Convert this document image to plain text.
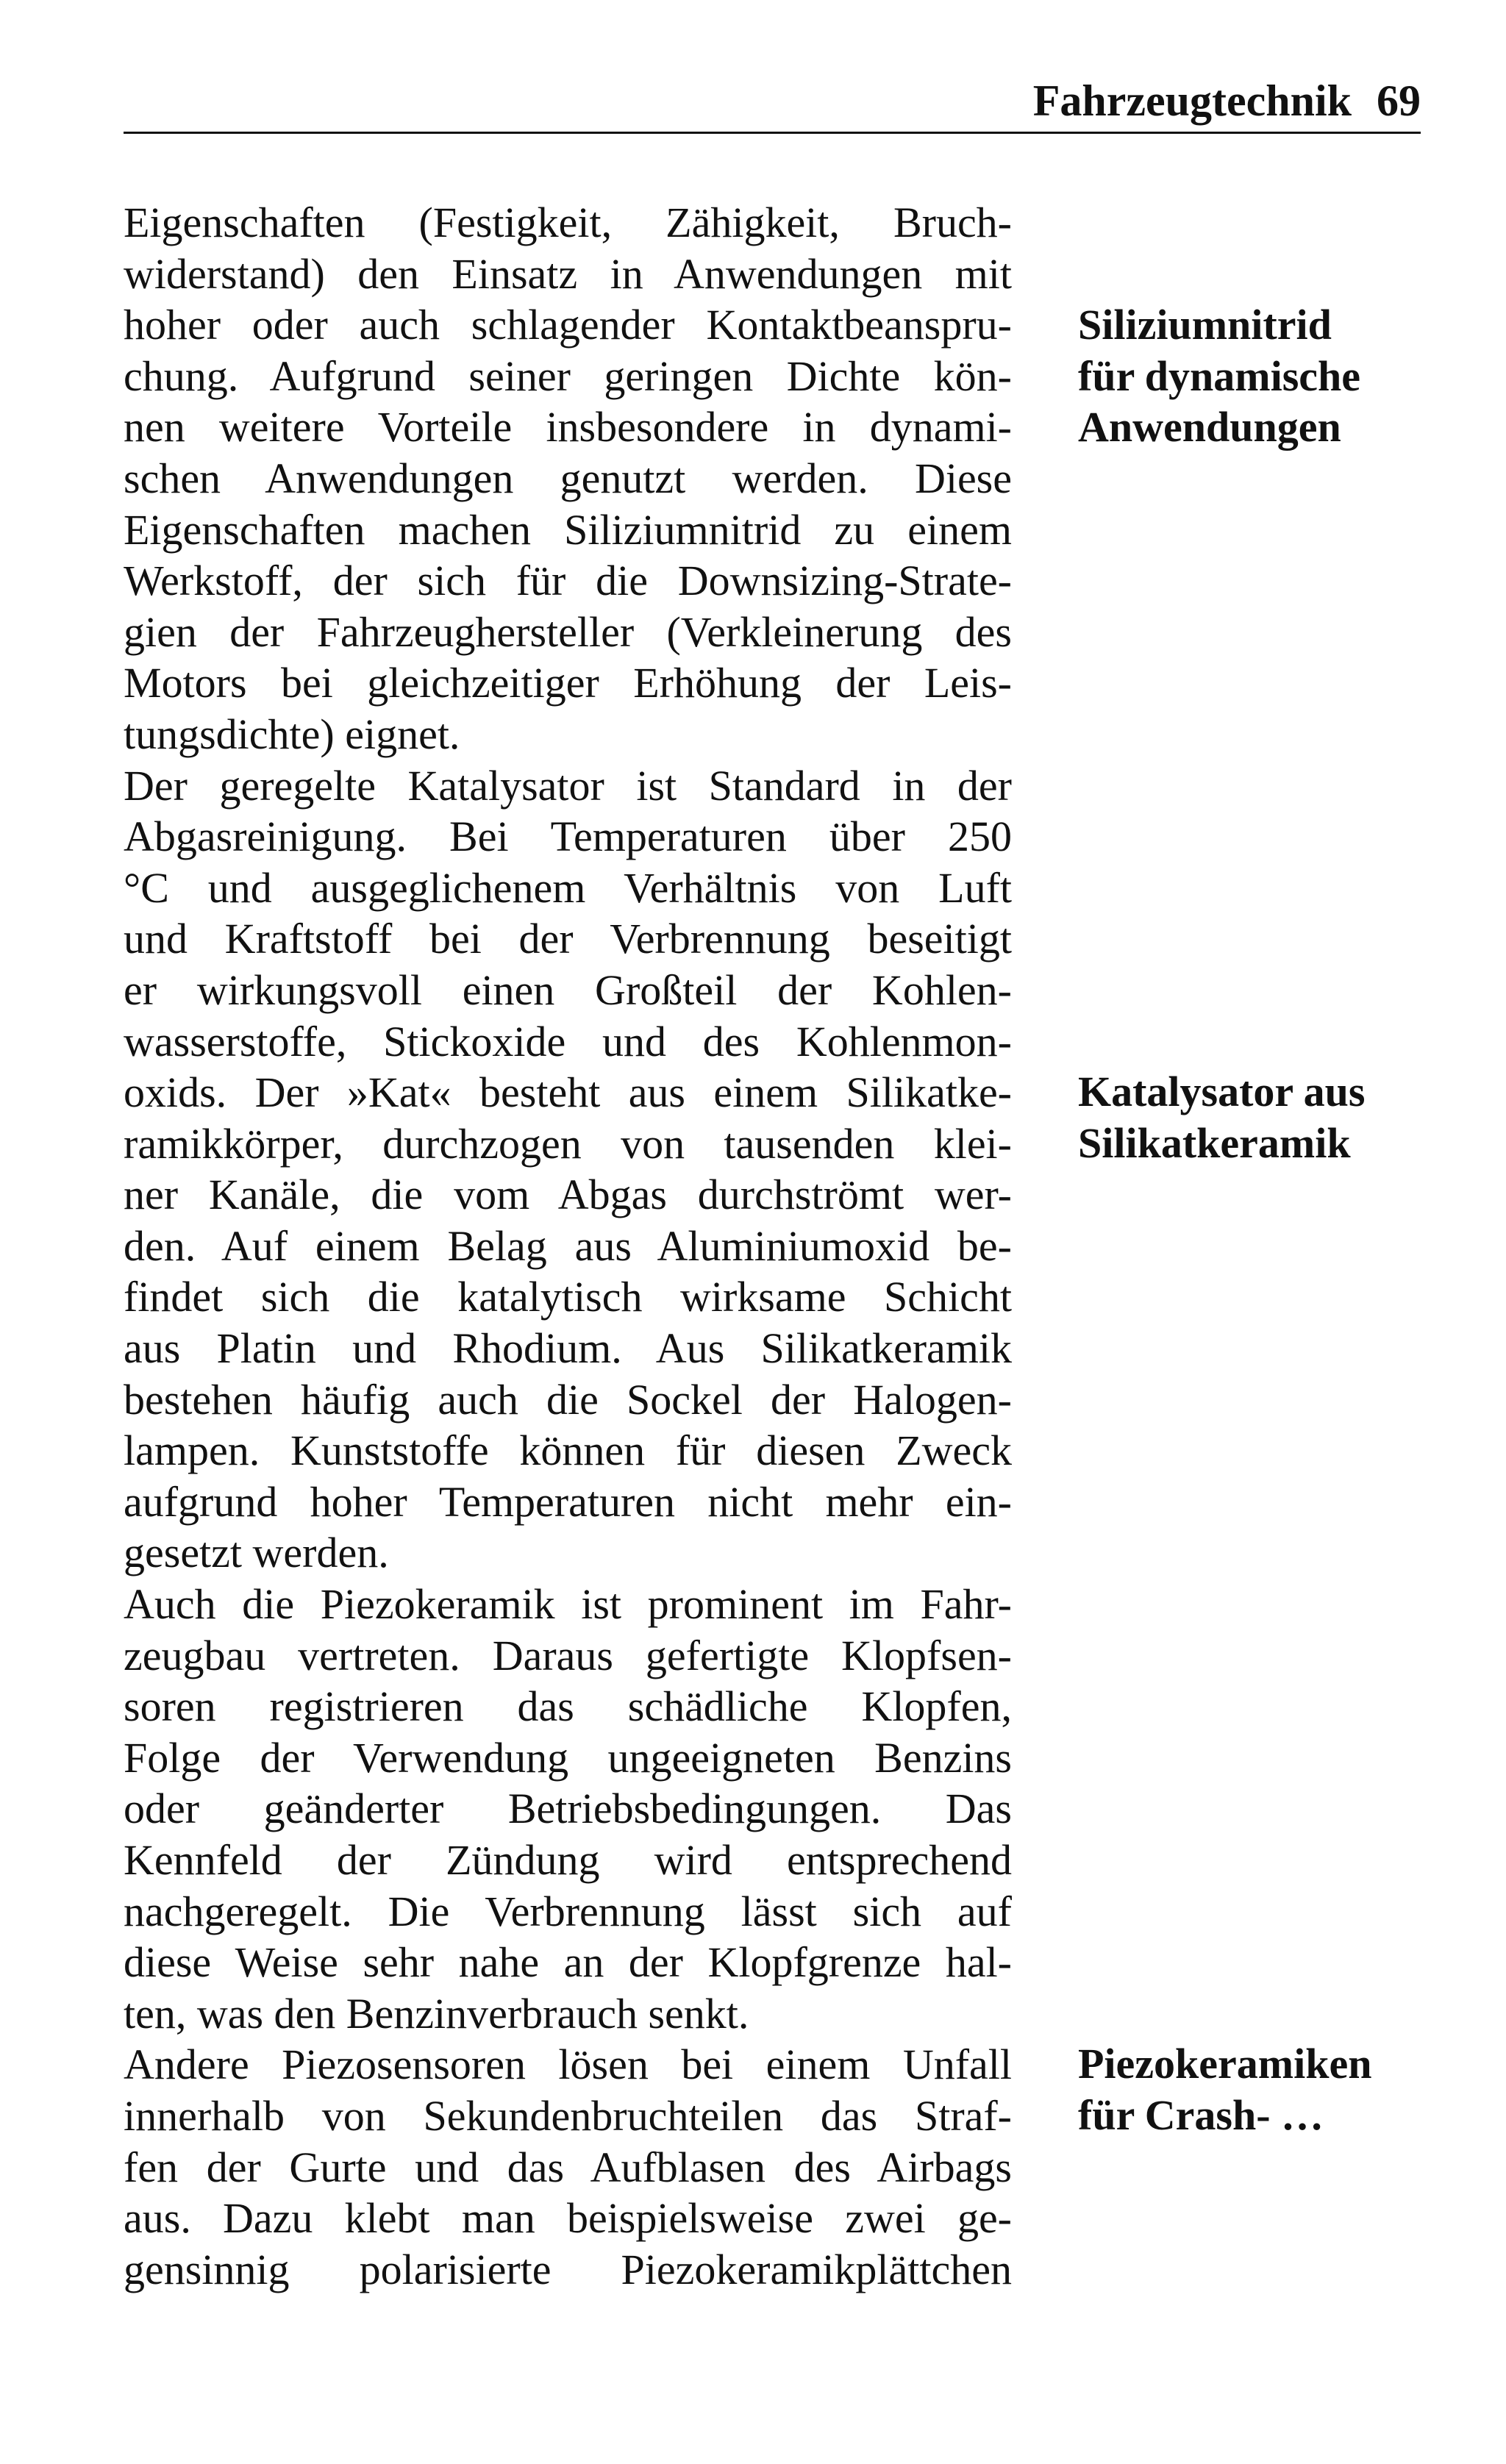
Fahrzeugtechnik 69
Eigenschaften (Festigkeit, Zähigkeit, Bruch-
widerstand) den Einsatz in Anwendungen mit
hoher oder auch schlagender Kontaktbeanspru-
chung. Aufgrund seiner geringen Dichte kön-
nen weitere Vorteile insbesondere in dynami-
schen Anwendungen genutzt werden. Diese
Eigenschaften machen Siliziumnitrid zu einem
Werkstoff, der sich für die Downsizing-Strate-
gien der Fahrzeughersteller (Verkleinerung des
Motors bei gleichzeitiger Erhöhung der Leis-
tungsdichte) eignet.
Der geregelte Katalysator ist Standard in der
Abgasreinigung. Bei Temperaturen über 250
°C und ausgeglichenem Verhältnis von Luft
und Kraftstoff bei der Verbrennung beseitigt
er wirkungsvoll einen Großteil der Kohlen-
wasserstoffe, Stickoxide und des Kohlenmon-
oxids. Der »Kat« besteht aus einem Silikatke-
ramikkörper, durchzogen von tausenden klei-
ner Kanäle, die vom Abgas durchströmt wer-
den. Auf einem Belag aus Aluminiumoxid be-
findet sich die katalytisch wirksame Schicht
aus Platin und Rhodium. Aus Silikatkeramik
bestehen häufig auch die Sockel der Halogen-
lampen. Kunststoffe können für diesen Zweck
aufgrund hoher Temperaturen nicht mehr ein-
gesetzt werden.
Auch die Piezokeramik ist prominent im Fahr-
zeugbau vertreten. Daraus gefertigte Klopfsen-
soren registrieren das schädliche Klopfen,
Folge der Verwendung ungeeigneten Benzins
oder geänderter Betriebsbedingungen. Das
Kennfeld der Zündung wird entsprechend
nachgeregelt. Die Verbrennung lässt sich auf
diese Weise sehr nahe an der Klopfgrenze hal-
ten, was den Benzinverbrauch senkt.
Andere Piezosensoren lösen bei einem Unfall
innerhalb von Sekundenbruchteilen das Straf-
fen der Gurte und das Aufblasen des Airbags
aus. Dazu klebt man beispielsweise zwei ge-
gensinnig polarisierte Piezokeramikplättchen
Siliziumnitrid
für dynamische
Anwendungen
Katalysator aus
Silikatkeramik
Piezokeramiken
für Crash- …
